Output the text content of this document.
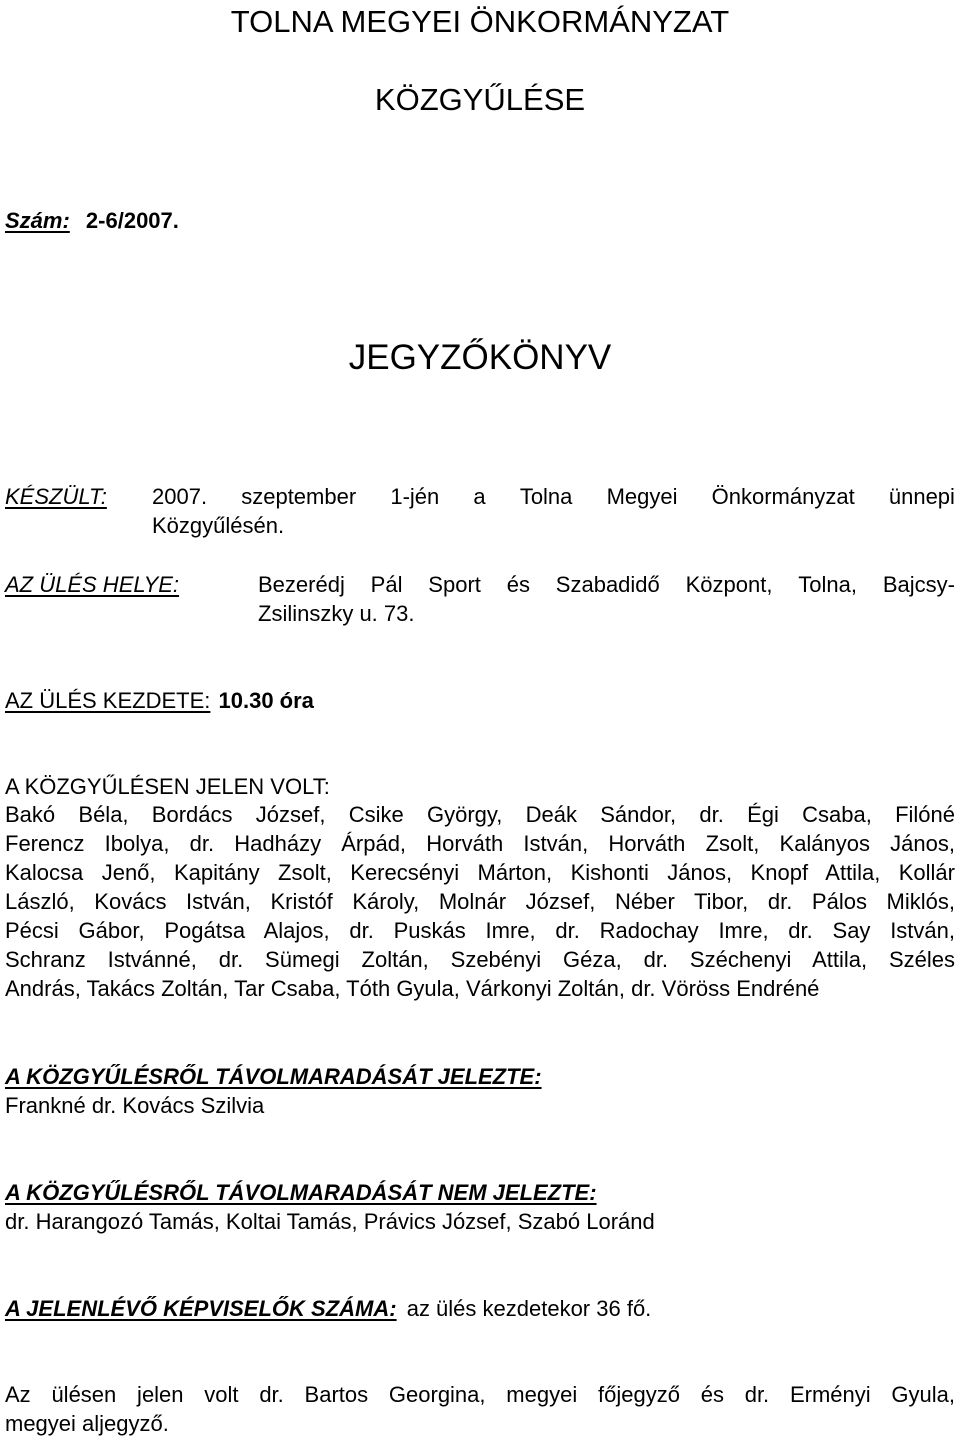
TOLNA MEGYEI ÖNKORMÁNYZAT
KÖZGYŰLÉSE
Szám: 2-6/2007.
JEGYZŐKÖNYV
KÉSZÜLT: 2007. szeptember 1-jén a Tolna Megyei Önkormányzat ünnepi
Közgyűlésén.
AZ ÜLÉS HELYE:	Bezerédj Pál Sport és Szabadidő Központ, Tolna, Bajcsy-
Zsilinszky u. 73.
AZ ÜLÉS KEZDETE: 10.30 óra
A KÖZGYŰLÉSEN JELEN VOLT:
Bakó Béla, Bordács József, Csike György, Deák Sándor, dr. Égi Csaba, Filóné
Ferencz Ibolya, dr. Hadházy Árpád, Horváth István, Horváth Zsolt, Kalányos János,
Kalocsa Jenő, Kapitány Zsolt, Kerecsényi Márton, Kishonti János, Knopf Attila, Kollár
László, Kovács István, Kristóf Károly, Molnár József, Néber Tibor, dr. Pálos Miklós,
Pécsi Gábor, Pogátsa Alajos, dr. Puskás Imre, dr. Radochay Imre, dr. Say István,
Schranz Istvánné, dr. Sümegi Zoltán, Szebényi Géza, dr. Széchenyi Attila, Széles
András, Takács Zoltán, Tar Csaba, Tóth Gyula, Várkonyi Zoltán, dr. Vöröss Endréné
A KÖZGYŰLÉSRŐL TÁVOLMARADÁSÁT JELEZTE:
Frankné dr. Kovács Szilvia
A KÖZGYŰLÉSRŐL TÁVOLMARADÁSÁT NEM JELEZTE:
dr. Harangozó Tamás, Koltai Tamás, Právics József, Szabó Loránd
A JELENLÉVŐ KÉPVISELŐK SZÁMA: az ülés kezdetekor 36 fő.
Az ülésen jelen volt dr. Bartos Georgina, megyei főjegyző és dr. Erményi Gyula,
megyei aljegyző.
